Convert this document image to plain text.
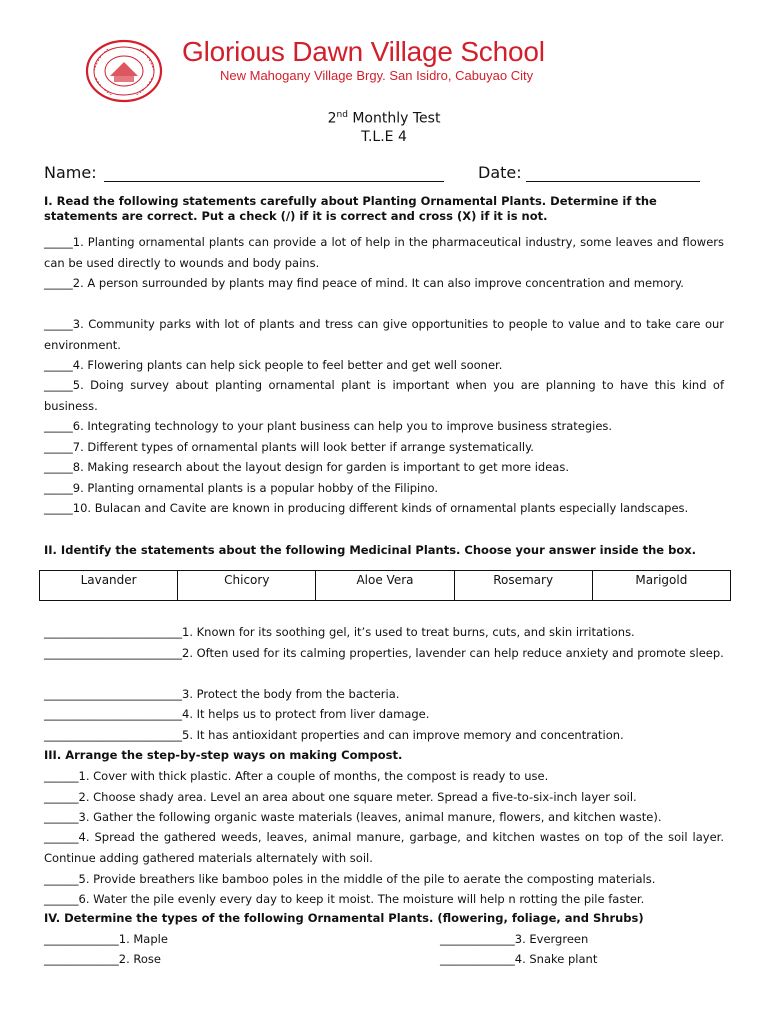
Glorious Dawn Village School
New Mahogany Village Brgy. San Isidro, Cabuyao City
2nd Monthly Test
T.L.E 4
Name:	Date:
I. Read the following statements carefully about Planting Ornamental Plants. Determine if the statements are correct. Put a check (/) if it is correct and cross (X) if it is not.
_____1. Planting ornamental plants can provide a lot of help in the pharmaceutical industry, some leaves and flowers can be used directly to wounds and body pains.
_____2. A person surrounded by plants may find peace of mind. It can also improve concentration and memory.
_____3. Community parks with lot of plants and tress can give opportunities to people to value and to take care our environment.
_____4. Flowering plants can help sick people to feel better and get well sooner.
_____5. Doing survey about planting ornamental plant is important when you are planning to have this kind of business.
_____6. Integrating technology to your plant business can help you to improve business strategies.
_____7. Different types of ornamental plants will look better if arrange systematically.
_____8. Making research about the layout design for garden is important to get more ideas.
_____9. Planting ornamental plants is a popular hobby of the Filipino.
_____10. Bulacan and Cavite are known in producing different kinds of ornamental plants especially landscapes.
II. Identify the statements about the following Medicinal Plants. Choose your answer inside the box.
Lavander	Chicory	Aloe Vera	Rosemary	Marigold
________________________1. Known for its soothing gel, it’s used to treat burns, cuts, and skin irritations.
________________________2. Often used for its calming properties, lavender can help reduce anxiety and promote sleep.
________________________3. Protect the body from the bacteria.
________________________4. It helps us to protect from liver damage.
________________________5. It has antioxidant properties and can improve memory and concentration.
III. Arrange the step-by-step ways on making Compost.
______1. Cover with thick plastic. After a couple of months, the compost is ready to use.
______2. Choose shady area. Level an area about one square meter. Spread a five-to-six-inch layer soil.
______3. Gather the following organic waste materials (leaves, animal manure, flowers, and kitchen waste).
______4. Spread the gathered weeds, leaves, animal manure, garbage, and kitchen wastes on top of the soil layer. Continue adding gathered materials alternately with soil.
______5. Provide breathers like bamboo poles in the middle of the pile to aerate the composting materials.
______6. Water the pile evenly every day to keep it moist. The moisture will help n rotting the pile faster.
IV. Determine the types of the following Ornamental Plants. (flowering, foliage, and Shrubs)
_____________1. Maple
_____________2. Rose
_____________3. Evergreen
_____________4. Snake plant
